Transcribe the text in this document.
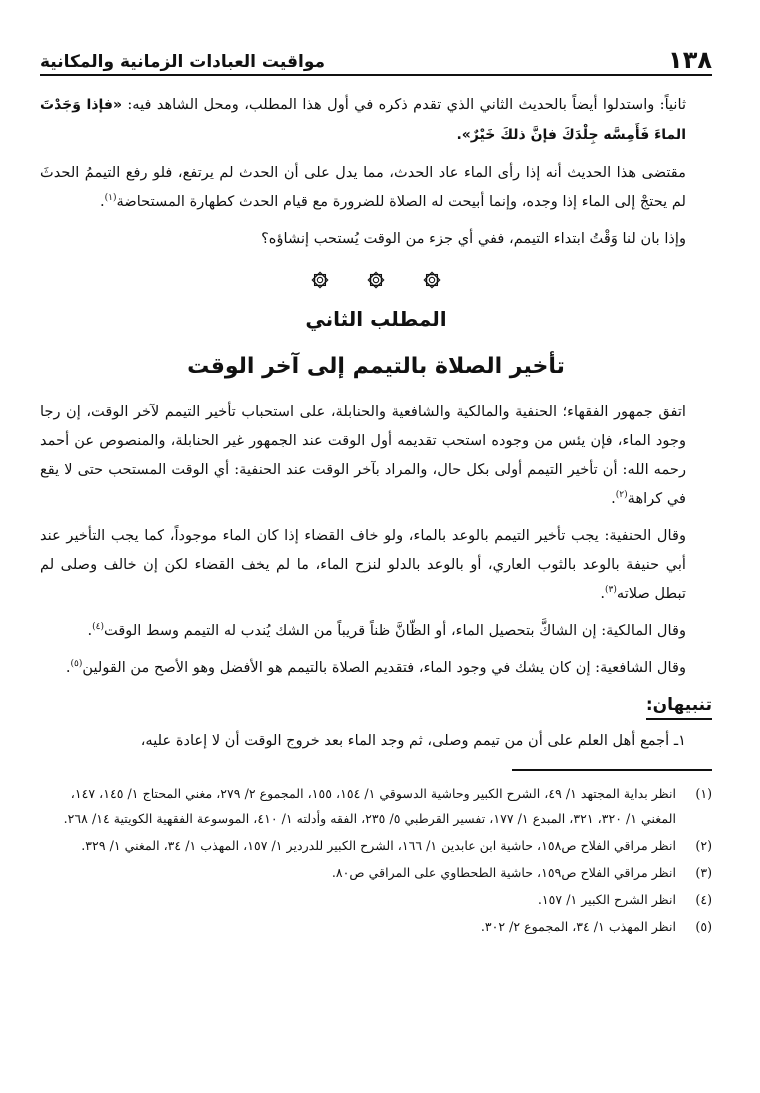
١٣٨
مواقيت العبادات الزمانية والمكانية

ثانياً: واستدلوا أيضاً بالحديث الثاني الذي تقدم ذكره في أول هذا المطلب، ومحل الشاهد فيه: «فإذا وَجَدْتَ الماءَ فَأَمِسَّه جِلْدَكَ فإنَّ ذلكَ خَيْرٌ».

مقتضى هذا الحديث أنه إذا رأى الماء عاد الحدث، مما يدل على أن الحدث لم يرتفع، فلو رفع التيممُ الحدثَ لم يحتجْ إلى الماء إذا وجده، وإنما أبيحت له الصلاة للضرورة مع قيام الحدث كطهارة المستحاضة$^{(١)}$.

وإذا بان لنا وَقْتُ ابتداء التيمم، ففي أي جزء من الوقت يُستحب إنشاؤه؟

المطلب الثاني
تأخير الصلاة بالتيمم إلى آخر الوقت

اتفق جمهور الفقهاء؛ الحنفية والمالكية والشافعية والحنابلة، على استحباب تأخير التيمم لآخر الوقت، إن رجا وجود الماء، فإن يئس من وجوده استحب تقديمه أول الوقت عند الجمهور غير الحنابلة، والمنصوص عن أحمد رحمه الله: أن تأخير التيمم أولى بكل حال، والمراد بآخر الوقت عند الحنفية: أي الوقت المستحب حتى لا يقع في كراهة$^{(٢)}$.

وقال الحنفية: يجب تأخير التيمم بالوعد بالماء، ولو خاف القضاء إذا كان الماء موجوداً، كما يجب التأخير عند أبي حنيفة بالوعد بالثوب العاري، أو بالوعد بالدلو لنزح الماء، ما لم يخف القضاء لكن إن خالف وصلى لم تبطل صلاته$^{(٣)}$.

وقال المالكية: إن الشاكَّ بتحصيل الماء، أو الظّانَّ ظناً قريباً من الشك يُندب له التيمم وسط الوقت$^{(٤)}$.

وقال الشافعية: إن كان يشك في وجود الماء، فتقديم الصلاة بالتيمم هو الأفضل وهو الأصح من القولين$^{(٥)}$.

تنبيهان:

١ـ أجمع أهل العلم على أن من تيمم وصلى، ثم وجد الماء بعد خروج الوقت أن لا إعادة عليه،

(١)
انظر بداية المجتهد ١/ ٤٩، الشرح الكبير وحاشية الدسوقي ١/ ١٥٤، ١٥٥، المجموع ٢/ ٢٧٩، مغني المحتاج ١/ ١٤٥، ١٤٧، المغني ١/ ٣٢٠، ٣٢١، المبدع ١/ ١٧٧، تفسير القرطبي ٥/ ٢٣٥، الفقه وأدلته ١/ ٤١٠، الموسوعة الفقهية الكويتية ١٤/ ٢٦٨.
(٢)
انظر مراقي الفلاح ص١٥٨، حاشية ابن عابدين ١/ ١٦٦، الشرح الكبير للدردير ١/ ١٥٧، المهذب ١/ ٣٤، المغني ١/ ٣٢٩.
(٣)
انظر مراقي الفلاح ص١٥٩، حاشية الطحطاوي على المراقي ص٨٠.
(٤)
انظر الشرح الكبير ١/ ١٥٧.
(٥)
انظر المهذب ١/ ٣٤، المجموع ٢/ ٣٠٢.
